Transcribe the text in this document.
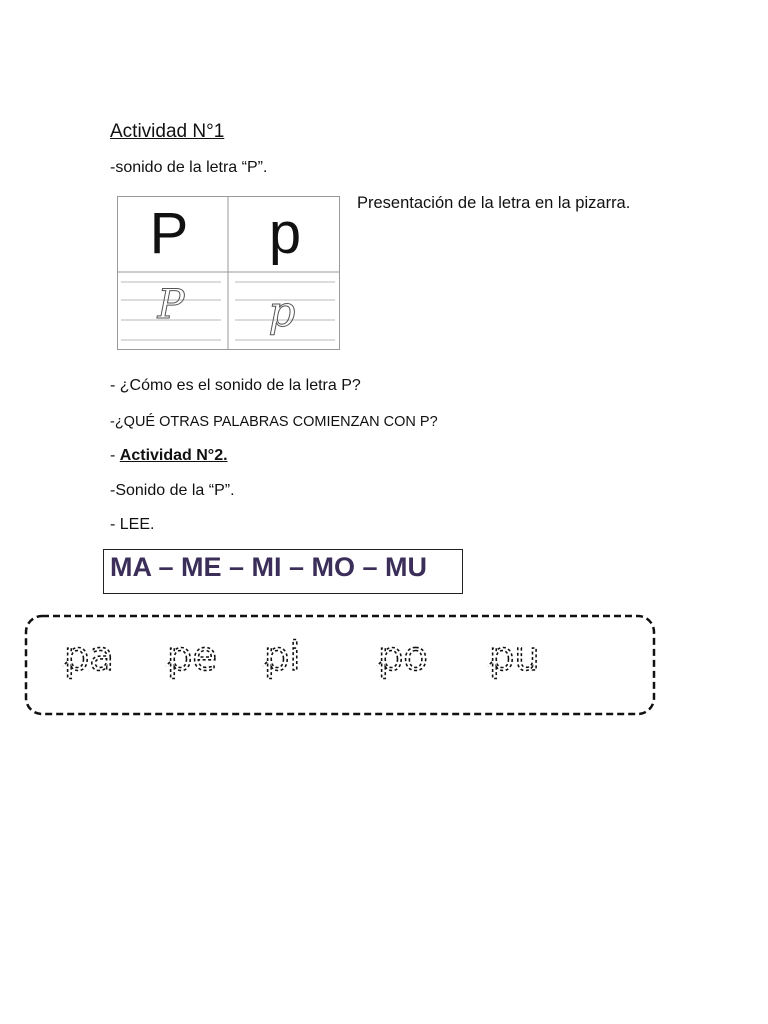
Actividad N°1
-sonido de la letra “P”.
P p
P p
Presentación de la letra en la pizarra.
- ¿Cómo es el sonido de la letra P?
-¿QUÉ OTRAS PALABRAS COMIENZAN CON P?
- Actividad N°2.
-Sonido de la “P”.
- LEE.
MA – ME – MI – MO – MU
pa pe pi po pu
